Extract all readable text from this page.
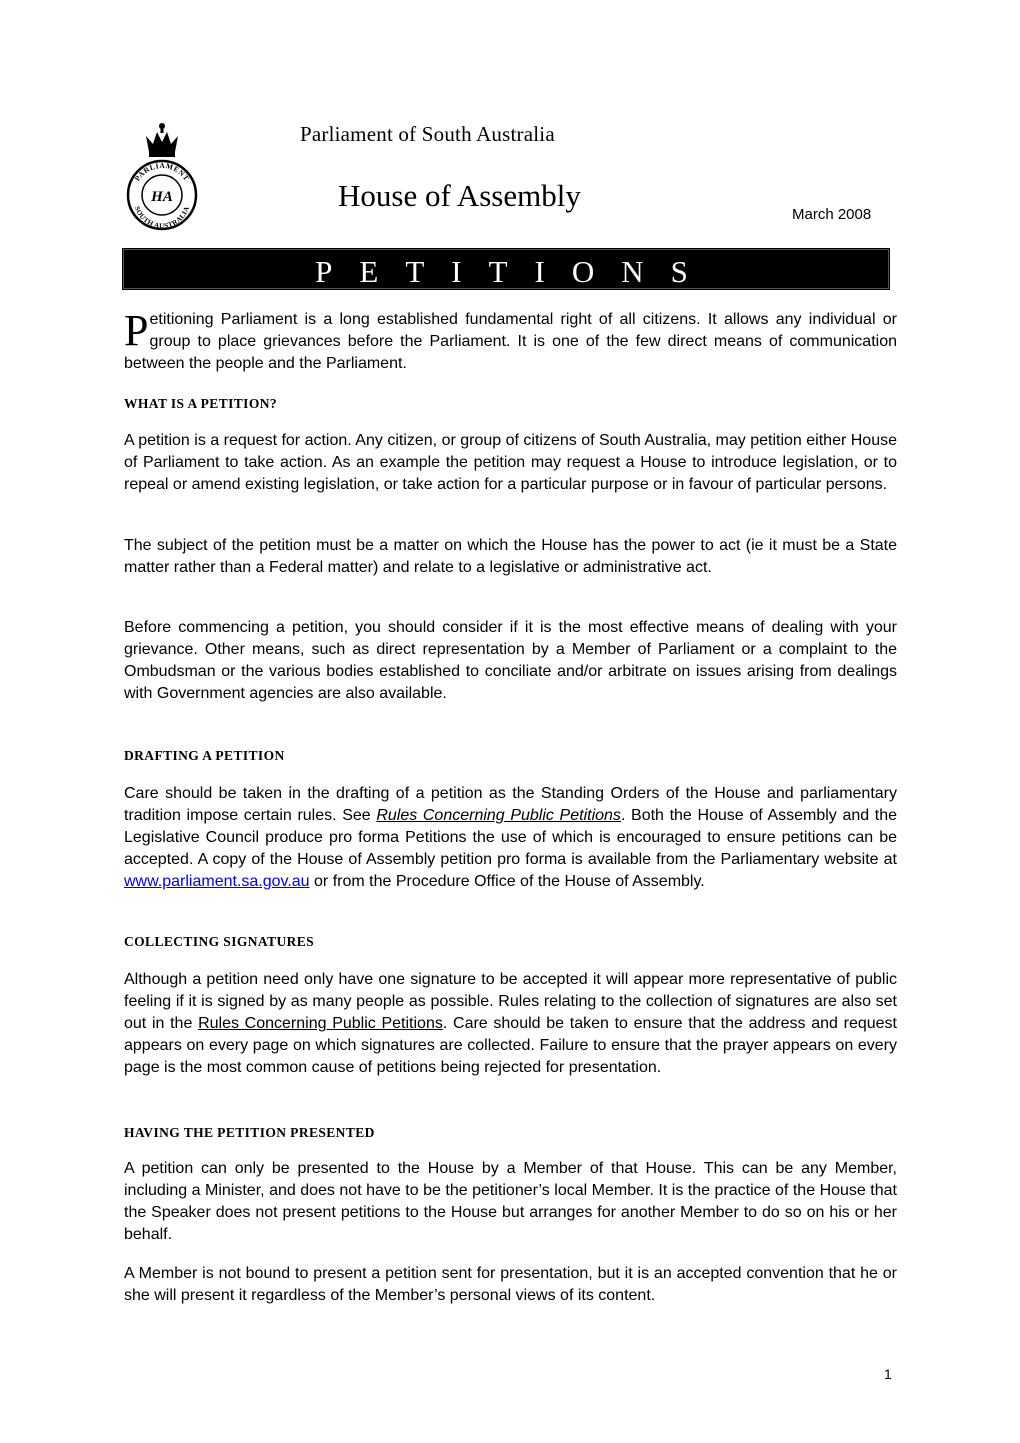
PARLIAMENT
SOUTH AUSTRALIA
HA
Parliament of South Australia
House of Assembly
March 2008
PETITIONS
Petitioning Parliament is a long established fundamental right of all citizens. It allows any individual or group to place grievances before the Parliament. It is one of the few direct means of communication between the people and the Parliament.
WHAT IS A PETITION?

A petition is a request for action. Any citizen, or group of citizens of South Australia, may petition either House of Parliament to take action. As an example the petition may request a House to introduce legislation, or to repeal or amend existing legislation, or take action for a particular purpose or in favour of particular persons.

The subject of the petition must be a matter on which the House has the power to act (ie it must be a State matter rather than a Federal matter) and relate to a legislative or administrative act.

Before commencing a petition, you should consider if it is the most effective means of dealing with your grievance. Other means, such as direct representation by a Member of Parliament or a complaint to the Ombudsman or the various bodies established to conciliate and/or arbitrate on issues arising from dealings with Government agencies are also available.

DRAFTING A PETITION

Care should be taken in the drafting of a petition as the Standing Orders of the House and parliamentary tradition impose certain rules. See Rules Concerning Public Petitions. Both the House of Assembly and the Legislative Council produce pro forma Petitions the use of which is encouraged to ensure petitions can be accepted. A copy of the House of Assembly petition pro forma is available from the Parliamentary website at www.parliament.sa.gov.au or from the Procedure Office of the House of Assembly.

COLLECTING SIGNATURES

Although a petition need only have one signature to be accepted it will appear more representative of public feeling if it is signed by as many people as possible. Rules relating to the collection of signatures are also set out in the Rules Concerning Public Petitions. Care should be taken to ensure that the address and request appears on every page on which signatures are collected. Failure to ensure that the prayer appears on every page is the most common cause of petitions being rejected for presentation.

HAVING THE PETITION PRESENTED

A petition can only be presented to the House by a Member of that House. This can be any Member, including a Minister, and does not have to be the petitioner’s local Member. It is the practice of the House that the Speaker does not present petitions to the House but arranges for another Member to do so on his or her behalf.

A Member is not bound to present a petition sent for presentation, but it is an accepted convention that he or she will present it regardless of the Member’s personal views of its content.

1
